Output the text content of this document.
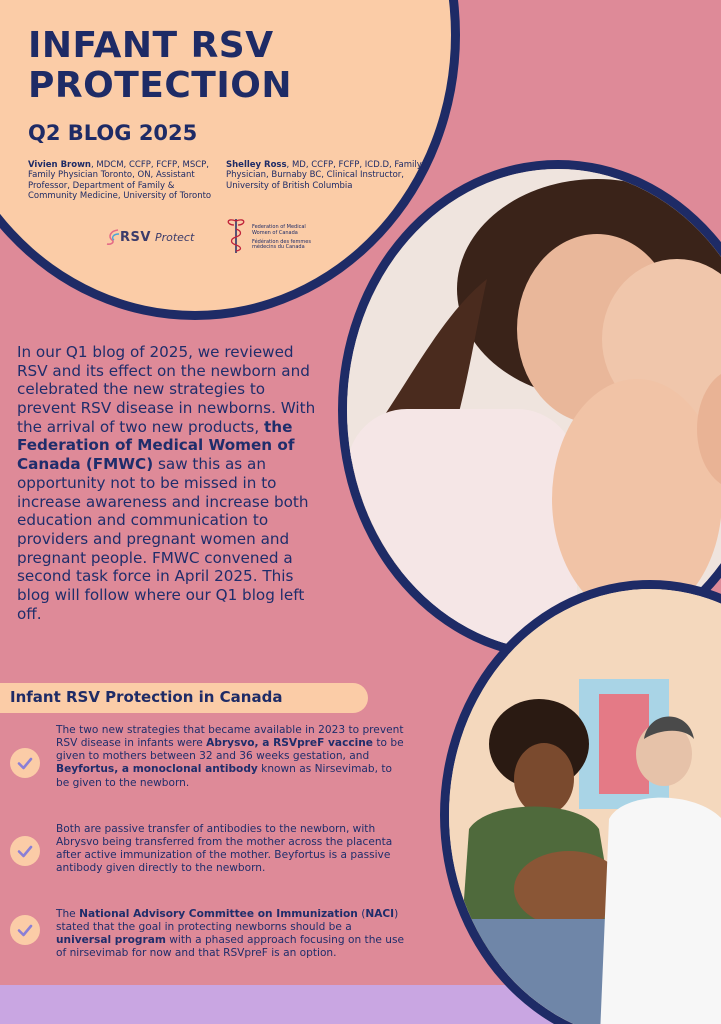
INFANT RSV
PROTECTION
Q2 BLOG 2025
Vivien Brown, MDCM, CCFP, FCFP, MSCP, Family Physician Toronto, ON, Assistant Professor, Department of Family & Community Medicine, University of Toronto
Shelley Ross, MD, CCFP, FCFP, ICD.D, Family Physician, Burnaby BC, Clinical Instructor, University of British Columbia
RSV Protect
Federation of Medical Women of Canada
Fédération des femmes médecins du Canada
In our Q1 blog of 2025, we reviewed RSV and its effect on the newborn and celebrated the new strategies to prevent RSV disease in newborns. With the arrival of two new products, the Federation of Medical Women of Canada (FMWC) saw this as an opportunity not to be missed in to increase awareness and increase both education and communication to providers and pregnant women and pregnant people. FMWC convened a second task force in April 2025. This blog will follow where our Q1 blog left off.
Infant RSV Protection in Canada
The two new strategies that became available in 2023 to prevent RSV disease in infants were Abrysvo, a RSVpreF vaccine to be given to mothers between 32 and 36 weeks gestation, and Beyfortus, a monoclonal antibody known as Nirsevimab, to be given to the newborn.
Both are passive transfer of antibodies to the newborn, with Abrysvo being transferred from the mother across the placenta after active immunization of the mother. Beyfortus is a passive antibody given directly to the newborn.
The National Advisory Committee on Immunization (NACI) stated that the goal in protecting newborns should be a universal program with a phased approach focusing on the use of nirsevimab for now and that RSVpreF is an option.
